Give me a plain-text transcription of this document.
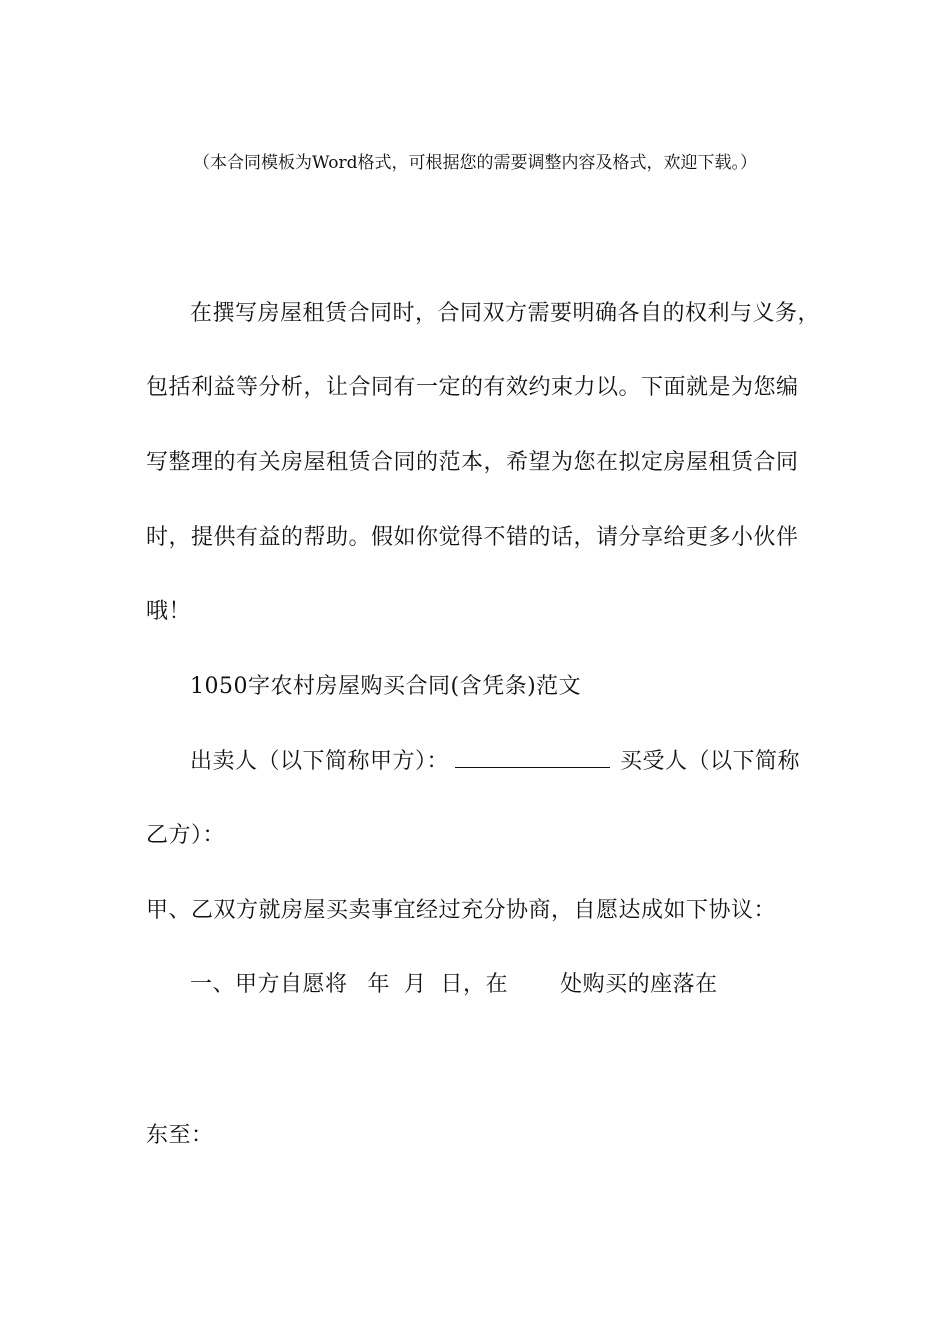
（本合同模板为Word格式，可根据您的需要调整内容及格式，欢迎下载。）
在撰写房屋租赁合同时，合同双方需要明确各自的权利与义务，
包括利益等分析，让合同有一定的有效约束力以。下面就是为您编
写整理的有关房屋租赁合同的范本，希望为您在拟定房屋租赁合同
时，提供有益的帮助。假如你觉得不错的话，请分享给更多小伙伴
哦！
1050字农村房屋购买合同(含凭条)范文
出卖人（以下简称甲方）：	买受人（以下简称
乙方）：
甲、乙双方就房屋买卖事宜经过充分协商，自愿达成如下协议：
一、甲方自愿将 年 月 日，在 处购买的座落在
东至：
